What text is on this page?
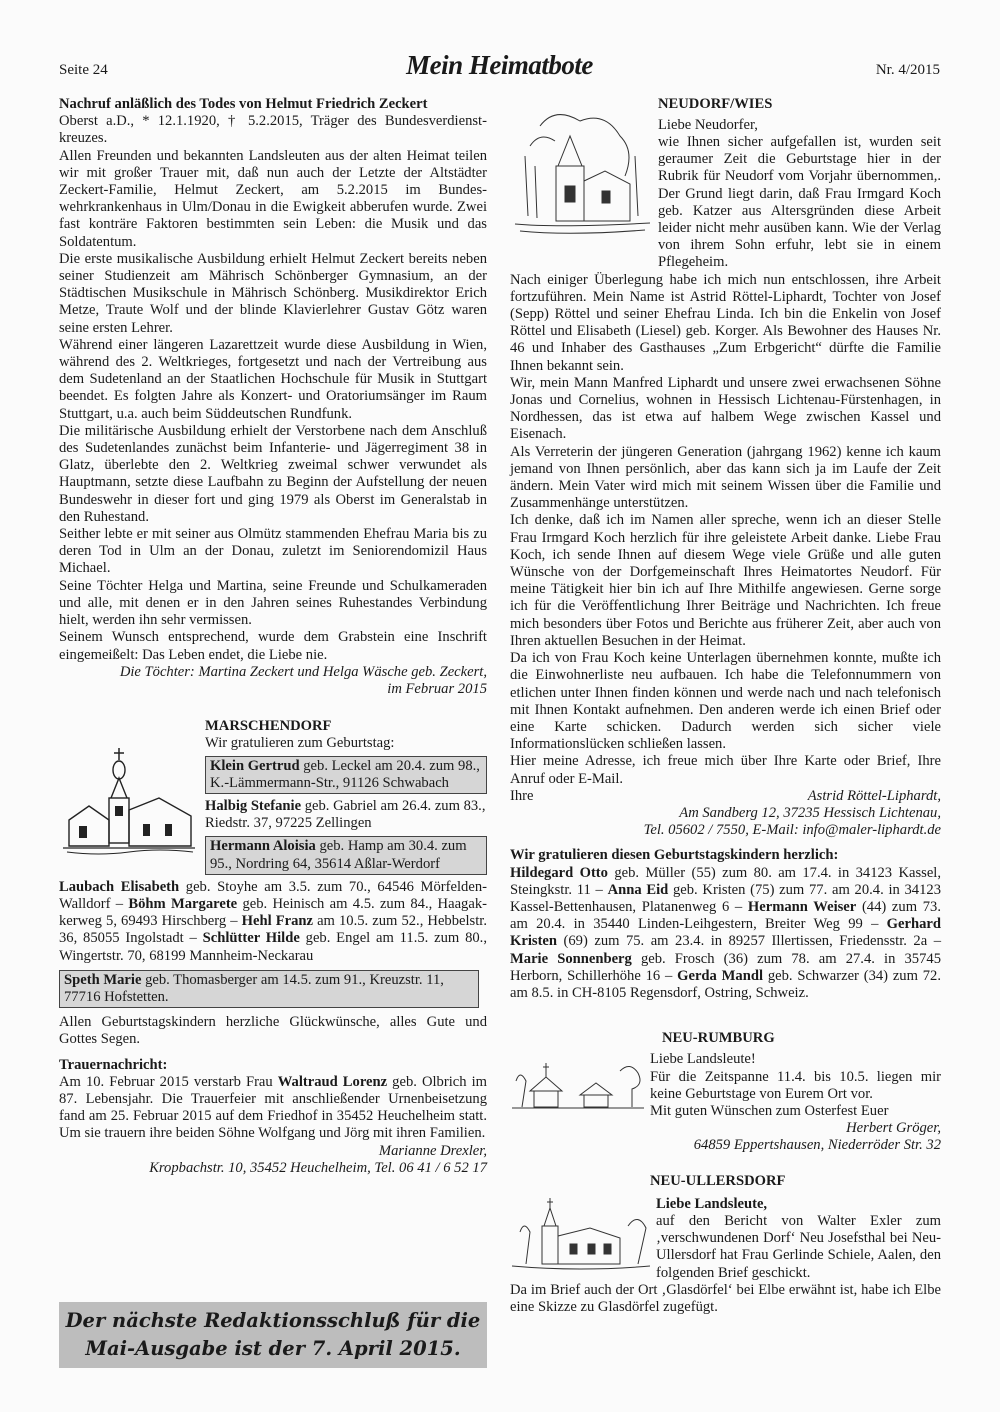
Seite 24	Mein Heimatbote	Nr. 4/2015

Nachruf anläßlich des Todes von Helmut Friedrich Zeckert

Oberst a.D., * 12.1.1920, † 5.2.2015, Träger des Bundesverdienstkreuzes.

Allen Freunden und bekannten Landsleuten aus der alten Heimat teilen wir mit großer Trauer mit, daß nun auch der Letzte der Altstädter Zeckert-Familie, Helmut Zeckert, am 5.2.2015 im Bundeswehrkrankenhaus in Ulm/Donau in die Ewigkeit abberufen wurde. Zwei fast konträre Faktoren bestimmten sein Leben: die Musik und das Soldatentum.

Die erste musikalische Ausbildung erhielt Helmut Zeckert bereits neben seiner Studienzeit am Mährisch Schönberger Gymnasium, an der Städtischen Musikschule in Mährisch Schönberg. Musikdirektor Erich Metze, Traute Wolf und der blinde Klavierlehrer Gustav Götz waren seine ersten Lehrer.

Während einer längeren Lazarettzeit wurde diese Ausbildung in Wien, während des 2. Weltkrieges, fortgesetzt und nach der Vertreibung aus dem Sudetenland an der Staatlichen Hochschule für Musik in Stuttgart beendet. Es folgten Jahre als Konzert- und Oratoriumsänger im Raum Stuttgart, u.a. auch beim Süddeutschen Rundfunk.

Die militärische Ausbildung erhielt der Verstorbene nach dem Anschluß des Sudetenlandes zunächst beim Infanterie- und Jägerregiment 38 in Glatz, überlebte den 2. Weltkrieg zweimal schwer verwundet als Hauptmann, setzte diese Laufbahn zu Beginn der Aufstellung der neuen Bundeswehr in dieser fort und ging 1979 als Oberst im Generalstab in den Ruhestand.

Seither lebte er mit seiner aus Olmütz stammenden Ehefrau Maria bis zu deren Tod in Ulm an der Donau, zuletzt im Seniorendomizil Haus Michael.

Seine Töchter Helga und Martina, seine Freunde und Schulkameraden und alle, mit denen er in den Jahren seines Ruhestandes Verbindung hielt, werden ihn sehr vermissen.

Seinem Wunsch entsprechend, wurde dem Grabstein eine Inschrift eingemeißelt: Das Leben endet, die Liebe nie.

Die Töchter: Martina Zeckert und Helga Wäsche geb. Zeckert,

im Februar 2015

MARSCHENDORF

Wir gratulieren zum Geburtstag:

Klein Gertrud geb. Leckel am 20.4. zum 98., K.-Lämmermann-Str., 91126 Schwabach

Halbig Stefanie geb. Gabriel am 26.4. zum 83., Riedstr. 37, 97225 Zellingen

Hermann Aloisia geb. Hamp am 30.4. zum 95., Nordring 64, 35614 Aßlar-Werdorf

Laubach Elisabeth geb. Stoyhe am 3.5. zum 70., 64546 Mörfelden-Walldorf – Böhm Margarete geb. Heinisch am 4.5. zum 84., Haagakkerweg 5, 69493 Hirschberg – Hehl Franz am 10.5. zum 52., Hebbelstr. 36, 85055 Ingolstadt – Schlütter Hilde geb. Engel am 11.5. zum 80., Wingertstr. 70, 68199 Mannheim-Neckarau

Speth Marie geb. Thomasberger am 14.5. zum 91., Kreuzstr. 11, 77716 Hofstetten.

Allen Geburtstagskindern herzliche Glückwünsche, alles Gute und Gottes Segen.

Trauernachricht:

Am 10. Februar 2015 verstarb Frau Waltraud Lorenz geb. Olbrich im 87. Lebensjahr. Die Trauerfeier mit anschließender Urnenbeisetzung fand am 25. Februar 2015 auf dem Friedhof in 35452 Heuchelheim statt. Um sie trauern ihre beiden Söhne Wolfgang und Jörg mit ihren Familien.

Marianne Drexler,

Kropbachstr. 10, 35452 Heuchelheim, Tel. 06 41 / 6 52 17

Der nächste Redaktionsschluß für die
Mai-Ausgabe ist der 7. April 2015.

NEUDORF/WIES

Liebe Neudorfer,

wie Ihnen sicher aufgefallen ist, wurden seit geraumer Zeit die Geburtstage hier in der Rubrik für Neudorf vom Vorjahr übernommen,. Der Grund liegt darin, daß Frau Irmgard Koch geb. Katzer aus Altersgründen diese Arbeit leider nicht mehr ausüben kann. Wie der Verlag von ihrem Sohn erfuhr, lebt sie in einem Pflegeheim.

Nach einiger Überlegung habe ich mich nun entschlossen, ihre Arbeit fortzuführen. Mein Name ist Astrid Röttel-Liphardt, Tochter von Josef (Sepp) Röttel und seiner Ehefrau Linda. Ich bin die Enkelin von Josef Röttel und Elisabeth (Liesel) geb. Korger. Als Bewohner des Hauses Nr. 46 und Inhaber des Gasthauses „Zum Erbgericht“ dürfte die Familie Ihnen bekannt sein.

Wir, mein Mann Manfred Liphardt und unsere zwei erwachsenen Söhne Jonas und Cornelius, wohnen in Hessisch Lichtenau-Fürstenhagen, in Nordhessen, das ist etwa auf halbem Wege zwischen Kassel und Eisenach.

Als Verreterin der jüngeren Generation (jahrgang 1962) kenne ich kaum jemand von Ihnen persönlich, aber das kann sich ja im Laufe der Zeit ändern. Mein Vater wird mich mit seinem Wissen über die Familie und Zusammenhänge unterstützen.

Ich denke, daß ich im Namen aller spreche, wenn ich an dieser Stelle Frau Irmgard Koch herzlich für ihre geleistete Arbeit danke. Liebe Frau Koch, ich sende Ihnen auf diesem Wege viele Grüße und alle guten Wünsche von der Dorfgemeinschaft Ihres Heimatortes Neudorf. Für meine Tätigkeit hier bin ich auf Ihre Mithilfe angewiesen. Gerne sorge ich für die Veröffentlichung Ihrer Beiträge und Nachrichten. Ich freue mich besonders über Fotos und Berichte aus früherer Zeit, aber auch von Ihren aktuellen Besuchen in der Heimat.

Da ich von Frau Koch keine Unterlagen übernehmen konnte, mußte ich die Einwohnerliste neu aufbauen. Ich habe die Telefonnummern von etlichen unter Ihnen finden können und werde nach und nach telefonisch mit Ihnen Kontakt aufnehmen. Den anderen werde ich einen Brief oder eine Karte schicken. Dadurch werden sich sicher viele Informationslücken schließen lassen.

Hier meine Adresse, ich freue mich über Ihre Karte oder Brief, Ihre Anruf oder E-Mail.

Ihre	Astrid Röttel-Liphardt,

Am Sandberg 12, 37235 Hessisch Lichtenau,

Tel. 05602 / 7550, E-Mail: info@maler-liphardt.de

Wir gratulieren diesen Geburtstagskindern herzlich:

Hildegard Otto geb. Müller (55) zum 80. am 17.4. in 34123 Kassel, Steingkstr. 11 – Anna Eid geb. Kristen (75) zum 77. am 20.4. in 34123 Kassel-Bettenhausen, Platanenweg 6 – Hermann Weiser (44) zum 73. am 20.4. in 35440 Linden-Leihgestern, Breiter Weg 99 – Gerhard Kristen (69) zum 75. am 23.4. in 89257 Illertissen, Friedensstr. 2a – Marie Sonnenberg geb. Frosch (36) zum 78. am 27.4. in 35745 Herborn, Schillerhöhe 16 – Gerda Mandl geb. Schwarzer (34) zum 72. am 8.5. in CH-8105 Regensdorf, Ostring, Schweiz.

NEU-RUMBURG

Liebe Landsleute!

Für die Zeitspanne 11.4. bis 10.5. liegen mir keine Geburtstage von Eurem Ort vor.

Mit guten Wünschen zum Osterfest Euer

Herbert Gröger,

64859 Eppertshausen, Niederröder Str. 32

NEU-ULLERSDORF

Liebe Landsleute,

auf den Bericht von Walter Exler zum ‚verschwundenen Dorf‘ Neu Josefsthal bei Neu-Ullersdorf hat Frau Gerlinde Schiele, Aalen, den folgenden Brief geschickt.

Da im Brief auch der Ort ‚Glasdörfel‘ bei Elbe erwähnt ist, habe ich Elbe eine Skizze zu Glasdörfel zugefügt.
